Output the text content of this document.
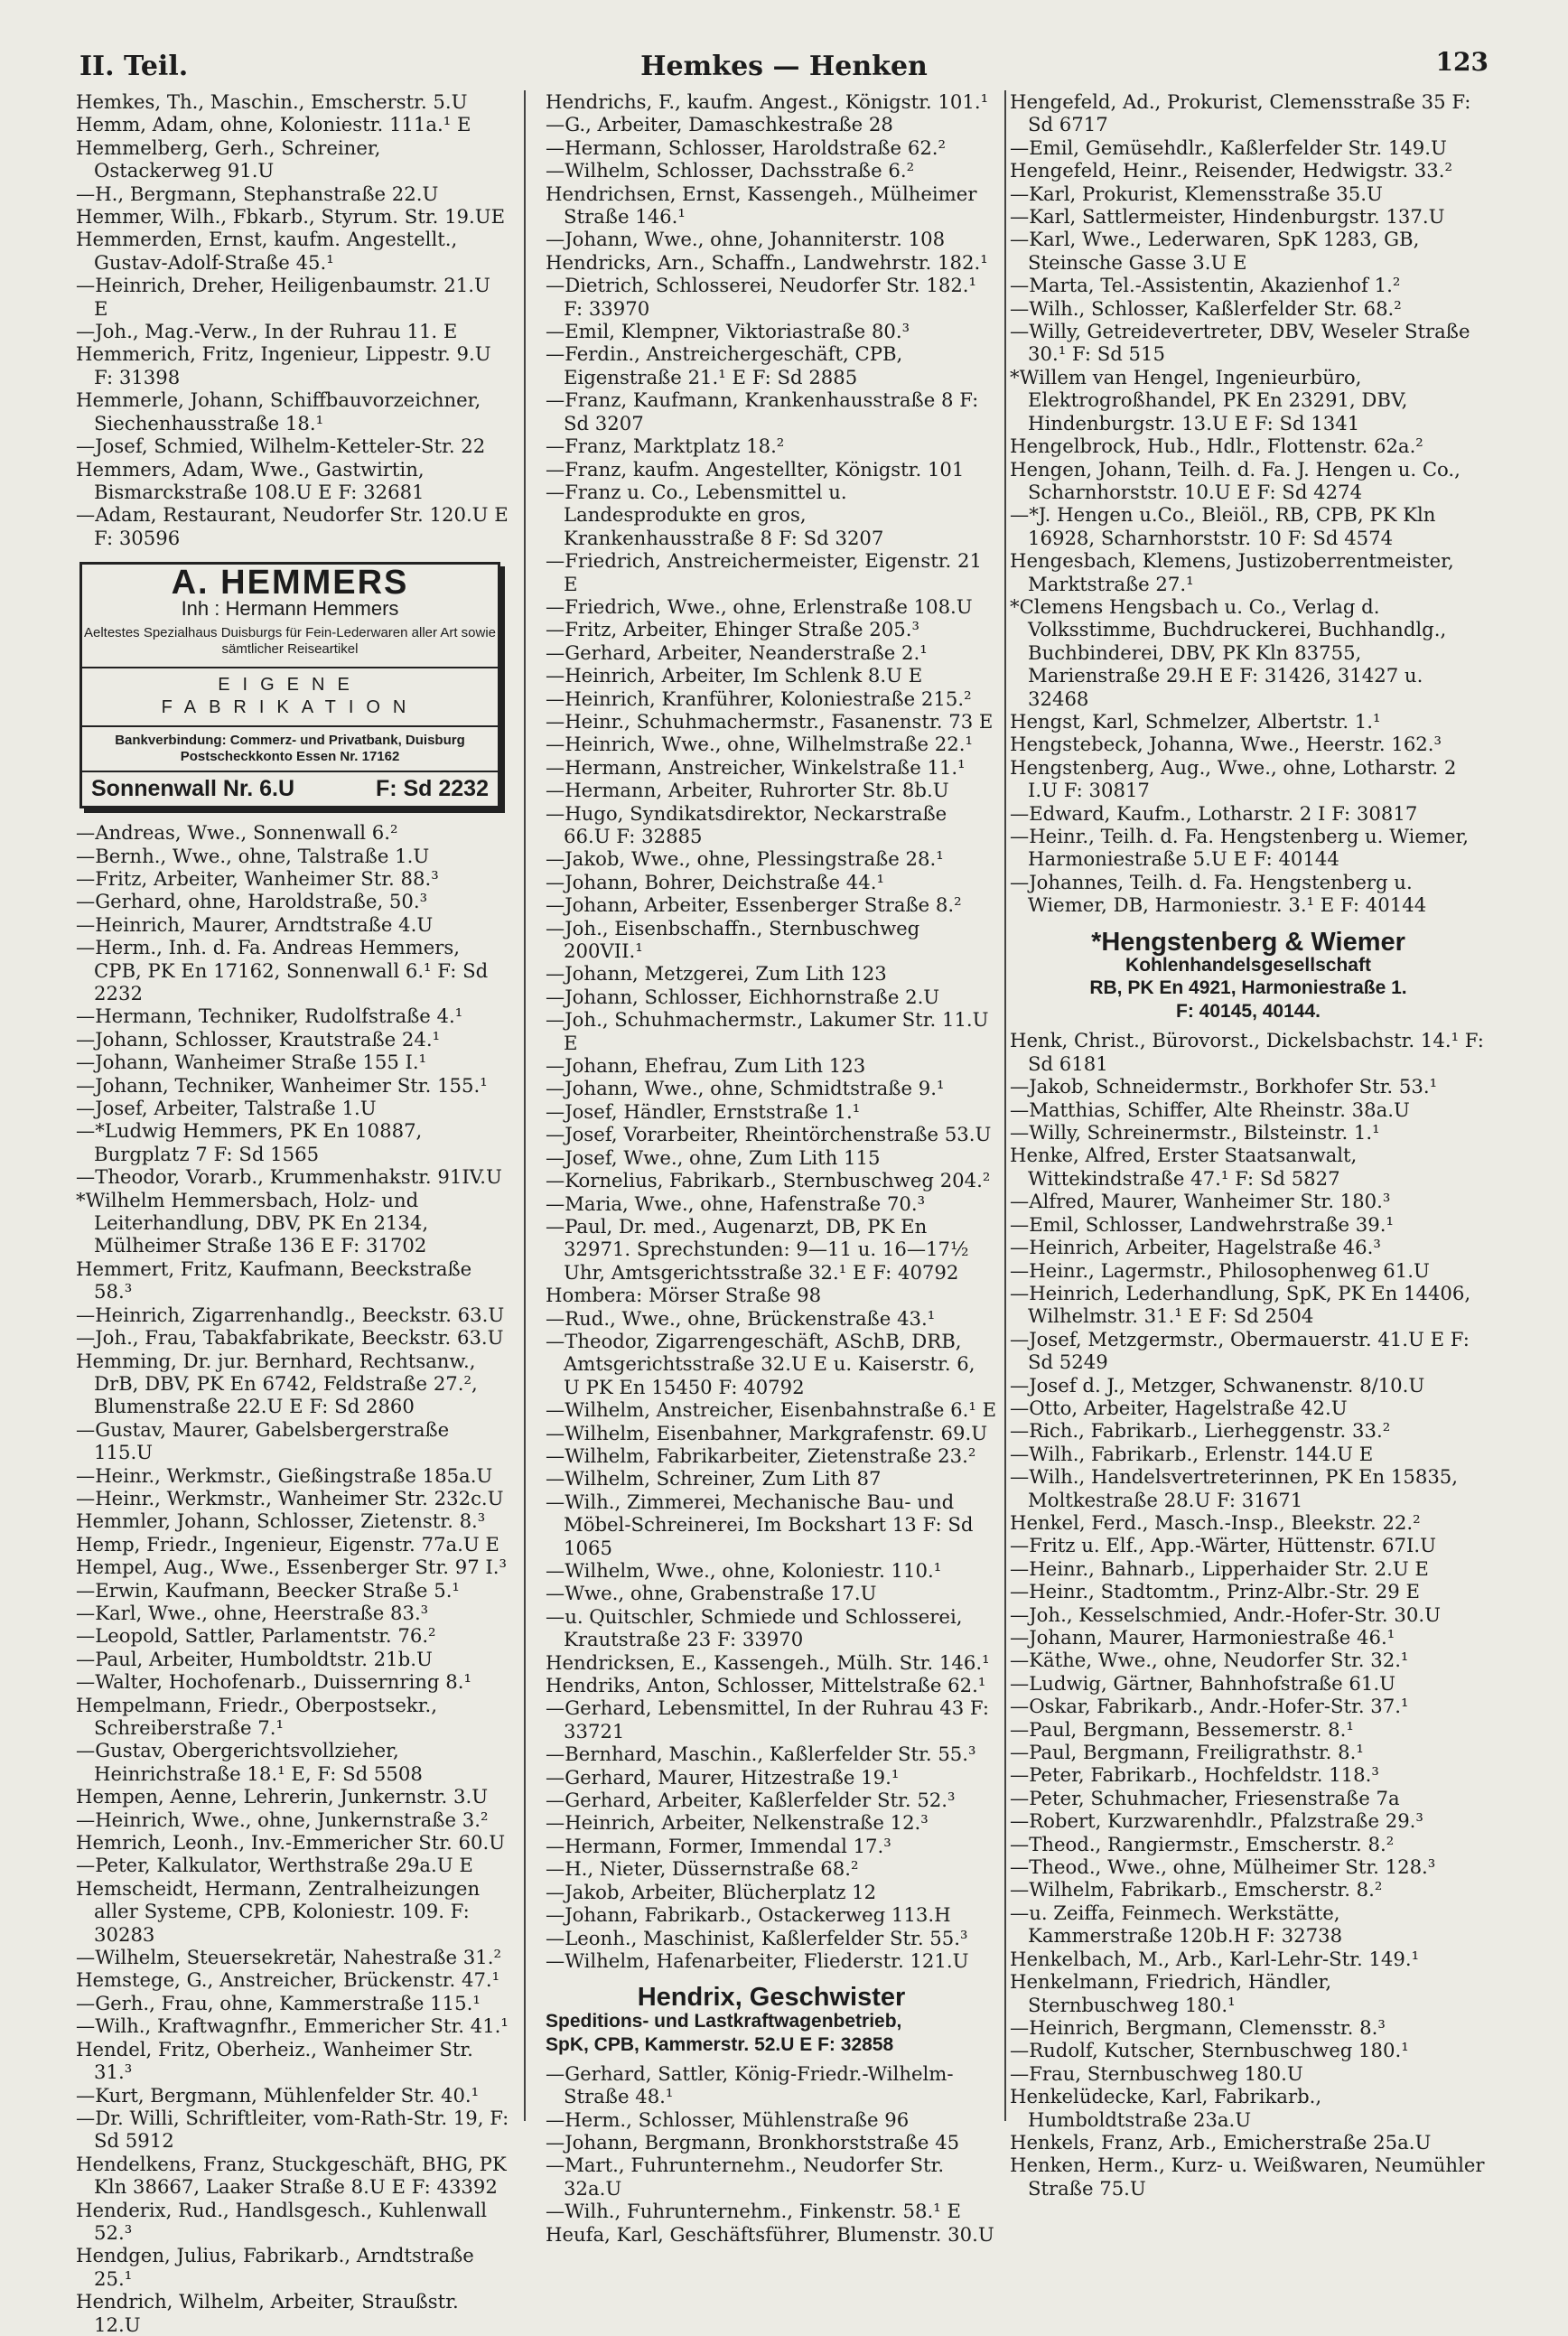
II. Teil.	Hemkes — Henken	123

Hemkes, Th., Maschin., Emscherstr. 5.U

Hemm, Adam, ohne, Koloniestr. 111a.¹ E

Hemmelberg, Gerh., Schreiner, Ostackerweg 91.U

—H., Bergmann, Stephanstraße 22.U

Hemmer, Wilh., Fbkarb., Styrum. Str. 19.UE

Hemmerden, Ernst, kaufm. Angestellt., Gustav-Adolf-Straße 45.¹

—Heinrich, Dreher, Heiligenbaumstr. 21.U E

—Joh., Mag.-Verw., In der Ruhrau 11. E

Hemmerich, Fritz, Ingenieur, Lippestr. 9.U F: 31398

Hemmerle, Johann, Schiffbauvorzeichner, Siechenhausstraße 18.¹

—Josef, Schmied, Wilhelm-Ketteler-Str. 22

Hemmers, Adam, Wwe., Gastwirtin, Bismarckstraße 108.U E F: 32681

—Adam, Restaurant, Neudorfer Str. 120.U E F: 30596

A. HEMMERS
Inh : Hermann Hemmers
Aeltestes Spezialhaus Duisburgs für Fein-Lederwaren aller Art sowie sämtlicher Reiseartikel
EIGENE FABRIKATION
Bankverbindung: Commerz- und Privatbank, Duisburg Postscheckkonto Essen Nr. 17162
Sonnenwall Nr. 6.U	F: Sd 2232

—Andreas, Wwe., Sonnenwall 6.²

—Bernh., Wwe., ohne, Talstraße 1.U

—Fritz, Arbeiter, Wanheimer Str. 88.³

—Gerhard, ohne, Haroldstraße, 50.³

—Heinrich, Maurer, Arndtstraße 4.U

—Herm., Inh. d. Fa. Andreas Hemmers, CPB, PK En 17162, Sonnenwall 6.¹ F: Sd 2232

—Hermann, Techniker, Rudolfstraße 4.¹

—Johann, Schlosser, Krautstraße 24.¹

—Johann, Wanheimer Straße 155 I.¹

—Johann, Techniker, Wanheimer Str. 155.¹

—Josef, Arbeiter, Talstraße 1.U

—*Ludwig Hemmers, PK En 10887, Burgplatz 7 F: Sd 1565

—Theodor, Vorarb., Krummenhakstr. 91IV.U

*Wilhelm Hemmersbach, Holz- und Leiterhandlung, DBV, PK En 2134, Mülheimer Straße 136 E F: 31702

Hemmert, Fritz, Kaufmann, Beeckstraße 58.³

—Heinrich, Zigarrenhandlg., Beeckstr. 63.U

—Joh., Frau, Tabakfabrikate, Beeckstr. 63.U

Hemming, Dr. jur. Bernhard, Rechtsanw., DrB, DBV, PK En 6742, Feldstraße 27.², Blumenstraße 22.U E F: Sd 2860

—Gustav, Maurer, Gabelsbergerstraße 115.U

—Heinr., Werkmstr., Gießingstraße 185a.U

—Heinr., Werkmstr., Wanheimer Str. 232c.U

Hemmler, Johann, Schlosser, Zietenstr. 8.³

Hemp, Friedr., Ingenieur, Eigenstr. 77a.U E

Hempel, Aug., Wwe., Essenberger Str. 97 I.³

—Erwin, Kaufmann, Beecker Straße 5.¹

—Karl, Wwe., ohne, Heerstraße 83.³

—Leopold, Sattler, Parlamentstr. 76.²

—Paul, Arbeiter, Humboldtstr. 21b.U

—Walter, Hochofenarb., Duissernring 8.¹

Hempelmann, Friedr., Oberpostsekr., Schreiberstraße 7.¹

—Gustav, Obergerichtsvollzieher, Heinrichstraße 18.¹ E, F: Sd 5508

Hempen, Aenne, Lehrerin, Junkernstr. 3.U

—Heinrich, Wwe., ohne, Junkernstraße 3.²

Hemrich, Leonh., Inv.-Emmericher Str. 60.U

—Peter, Kalkulator, Werthstraße 29a.U E

Hemscheidt, Hermann, Zentralheizungen aller Systeme, CPB, Koloniestr. 109. F: 30283

—Wilhelm, Steuersekretär, Nahestraße 31.²

Hemstege, G., Anstreicher, Brückenstr. 47.¹

—Gerh., Frau, ohne, Kammerstraße 115.¹

—Wilh., Kraftwagnfhr., Emmericher Str. 41.¹

Hendel, Fritz, Oberheiz., Wanheimer Str. 31.³

—Kurt, Bergmann, Mühlenfelder Str. 40.¹

—Dr. Willi, Schriftleiter, vom-Rath-Str. 19, F: Sd 5912

Hendelkens, Franz, Stuckgeschäft, BHG, PK Kln 38667, Laaker Straße 8.U E F: 43392

Henderix, Rud., Handlsgesch., Kuhlenwall 52.³

Hendgen, Julius, Fabrikarb., Arndtstraße 25.¹

Hendrich, Wilhelm, Arbeiter, Straußstr. 12.U

Hendrichs, F., kaufm. Angest., Königstr. 101.¹

—G., Arbeiter, Damaschkestraße 28

—Hermann, Schlosser, Haroldstraße 62.²

—Wilhelm, Schlosser, Dachsstraße 6.²

Hendrichsen, Ernst, Kassengeh., Mülheimer Straße 146.¹

—Johann, Wwe., ohne, Johanniterstr. 108

Hendricks, Arn., Schaffn., Landwehrstr. 182.¹

—Dietrich, Schlosserei, Neudorfer Str. 182.¹ F: 33970

—Emil, Klempner, Viktoriastraße 80.³

—Ferdin., Anstreichergeschäft, CPB, Eigenstraße 21.¹ E F: Sd 2885

—Franz, Kaufmann, Krankenhausstraße 8 F: Sd 3207

—Franz, Marktplatz 18.²

—Franz, kaufm. Angestellter, Königstr. 101

—Franz u. Co., Lebensmittel u. Landesprodukte en gros, Krankenhausstraße 8 F: Sd 3207

—Friedrich, Anstreichermeister, Eigenstr. 21 E

—Friedrich, Wwe., ohne, Erlenstraße 108.U

—Fritz, Arbeiter, Ehinger Straße 205.³

—Gerhard, Arbeiter, Neanderstraße 2.¹

—Heinrich, Arbeiter, Im Schlenk 8.U E

—Heinrich, Kranführer, Koloniestraße 215.²

—Heinr., Schuhmachermstr., Fasanenstr. 73 E

—Heinrich, Wwe., ohne, Wilhelmstraße 22.¹

—Hermann, Anstreicher, Winkelstraße 11.¹

—Hermann, Arbeiter, Ruhrorter Str. 8b.U

—Hugo, Syndikatsdirektor, Neckarstraße 66.U F: 32885

—Jakob, Wwe., ohne, Plessingstraße 28.¹

—Johann, Bohrer, Deichstraße 44.¹

—Johann, Arbeiter, Essenberger Straße 8.²

—Joh., Eisenbschaffn., Sternbuschweg 200VII.¹

—Johann, Metzgerei, Zum Lith 123

—Johann, Schlosser, Eichhornstraße 2.U

—Joh., Schuhmachermstr., Lakumer Str. 11.U E

—Johann, Ehefrau, Zum Lith 123

—Johann, Wwe., ohne, Schmidtstraße 9.¹

—Josef, Händler, Ernststraße 1.¹

—Josef, Vorarbeiter, Rheintörchenstraße 53.U

—Josef, Wwe., ohne, Zum Lith 115

—Kornelius, Fabrikarb., Sternbuschweg 204.²

—Maria, Wwe., ohne, Hafenstraße 70.³

—Paul, Dr. med., Augenarzt, DB, PK En 32971. Sprechstunden: 9—11 u. 16—17½ Uhr, Amtsgerichtsstraße 32.¹ E F: 40792

Hombera: Mörser Straße 98

—Rud., Wwe., ohne, Brückenstraße 43.¹

—Theodor, Zigarrengeschäft, ASchB, DRB, Amtsgerichtsstraße 32.U E u. Kaiserstr. 6, U PK En 15450 F: 40792

—Wilhelm, Anstreicher, Eisenbahnstraße 6.¹ E

—Wilhelm, Eisenbahner, Markgrafenstr. 69.U

—Wilhelm, Fabrikarbeiter, Zietenstraße 23.²

—Wilhelm, Schreiner, Zum Lith 87

—Wilh., Zimmerei, Mechanische Bau- und Möbel-Schreinerei, Im Bockshart 13 F: Sd 1065

—Wilhelm, Wwe., ohne, Koloniestr. 110.¹

—Wwe., ohne, Grabenstraße 17.U

—u. Quitschler, Schmiede und Schlosserei, Krautstraße 23 F: 33970

Hendricksen, E., Kassengeh., Mülh. Str. 146.¹

Hendriks, Anton, Schlosser, Mittelstraße 62.¹

—Gerhard, Lebensmittel, In der Ruhrau 43 F: 33721

—Bernhard, Maschin., Kaßlerfelder Str. 55.³

—Gerhard, Maurer, Hitzestraße 19.¹

—Gerhard, Arbeiter, Kaßlerfelder Str. 52.³

—Heinrich, Arbeiter, Nelkenstraße 12.³

—Hermann, Former, Immendal 17.³

—H., Nieter, Düssernstraße 68.²

—Jakob, Arbeiter, Blücherplatz 12

—Johann, Fabrikarb., Ostackerweg 113.H

—Leonh., Maschinist, Kaßlerfelder Str. 55.³

—Wilhelm, Hafenarbeiter, Fliederstr. 121.U

Hendrix, Geschwister
Speditions- und Lastkraftwagenbetrieb,
SpK, CPB, Kammerstr. 52.U E F: 32858

—Gerhard, Sattler, König-Friedr.-Wilhelm-Straße 48.¹

—Herm., Schlosser, Mühlenstraße 96

—Johann, Bergmann, Bronkhorststraße 45

—Mart., Fuhrunternehm., Neudorfer Str. 32a.U

—Wilh., Fuhrunternehm., Finkenstr. 58.¹ E

Heufa, Karl, Geschäftsführer, Blumenstr. 30.U

Hengefeld, Ad., Prokurist, Clemensstraße 35 F: Sd 6717

—Emil, Gemüsehdlr., Kaßlerfelder Str. 149.U

Hengefeld, Heinr., Reisender, Hedwigstr. 33.²

—Karl, Prokurist, Klemensstraße 35.U

—Karl, Sattlermeister, Hindenburgstr. 137.U

—Karl, Wwe., Lederwaren, SpK 1283, GB, Steinsche Gasse 3.U E

—Marta, Tel.-Assistentin, Akazienhof 1.²

—Wilh., Schlosser, Kaßlerfelder Str. 68.²

—Willy, Getreidevertreter, DBV, Weseler Straße 30.¹ F: Sd 515

*Willem van Hengel, Ingenieurbüro, Elektrogroßhandel, PK En 23291, DBV, Hindenburgstr. 13.U E F: Sd 1341

Hengelbrock, Hub., Hdlr., Flottenstr. 62a.²

Hengen, Johann, Teilh. d. Fa. J. Hengen u. Co., Scharnhorststr. 10.U E F: Sd 4274

—*J. Hengen u.Co., Bleiöl., RB, CPB, PK Kln 16928, Scharnhorststr. 10 F: Sd 4574

Hengesbach, Klemens, Justizoberrentmeister, Marktstraße 27.¹

*Clemens Hengsbach u. Co., Verlag d. Volksstimme, Buchdruckerei, Buchhandlg., Buchbinderei, DBV, PK Kln 83755, Marienstraße 29.H E F: 31426, 31427 u. 32468

Hengst, Karl, Schmelzer, Albertstr. 1.¹

Hengstebeck, Johanna, Wwe., Heerstr. 162.³

Hengstenberg, Aug., Wwe., ohne, Lotharstr. 2 I.U F: 30817

—Edward, Kaufm., Lotharstr. 2 I F: 30817

—Heinr., Teilh. d. Fa. Hengstenberg u. Wiemer, Harmoniestraße 5.U E F: 40144

—Johannes, Teilh. d. Fa. Hengstenberg u. Wiemer, DB, Harmoniestr. 3.¹ E F: 40144

*Hengstenberg & Wiemer
Kohlenhandelsgesellschaft
RB, PK En 4921, Harmoniestraße 1.
F: 40145, 40144.

Henk, Christ., Bürovorst., Dickelsbachstr. 14.¹ F: Sd 6181

—Jakob, Schneidermstr., Borkhofer Str. 53.¹

—Matthias, Schiffer, Alte Rheinstr. 38a.U

—Willy, Schreinermstr., Bilsteinstr. 1.¹

Henke, Alfred, Erster Staatsanwalt, Wittekindstraße 47.¹ F: Sd 5827

—Alfred, Maurer, Wanheimer Str. 180.³

—Emil, Schlosser, Landwehrstraße 39.¹

—Heinrich, Arbeiter, Hagelstraße 46.³

—Heinr., Lagermstr., Philosophenweg 61.U

—Heinrich, Lederhandlung, SpK, PK En 14406, Wilhelmstr. 31.¹ E F: Sd 2504

—Josef, Metzgermstr., Obermauerstr. 41.U E F: Sd 5249

—Josef d. J., Metzger, Schwanenstr. 8/10.U

—Otto, Arbeiter, Hagelstraße 42.U

—Rich., Fabrikarb., Lierheggenstr. 33.²

—Wilh., Fabrikarb., Erlenstr. 144.U E

—Wilh., Handelsvertreterinnen, PK En 15835, Moltkestraße 28.U F: 31671

Henkel, Ferd., Masch.-Insp., Bleekstr. 22.²

—Fritz u. Elf., App.-Wärter, Hüttenstr. 67I.U

—Heinr., Bahnarb., Lipperhaider Str. 2.U E

—Heinr., Stadtomtm., Prinz-Albr.-Str. 29 E

—Joh., Kesselschmied, Andr.-Hofer-Str. 30.U

—Johann, Maurer, Harmoniestraße 46.¹

—Käthe, Wwe., ohne, Neudorfer Str. 32.¹

—Ludwig, Gärtner, Bahnhofstraße 61.U

—Oskar, Fabrikarb., Andr.-Hofer-Str. 37.¹

—Paul, Bergmann, Bessemerstr. 8.¹

—Paul, Bergmann, Freiligrathstr. 8.¹

—Peter, Fabrikarb., Hochfeldstr. 118.³

—Peter, Schuhmacher, Friesenstraße 7a

—Robert, Kurzwarenhdlr., Pfalzstraße 29.³

—Theod., Rangiermstr., Emscherstr. 8.²

—Theod., Wwe., ohne, Mülheimer Str. 128.³

—Wilhelm, Fabrikarb., Emscherstr. 8.²

—u. Zeiffa, Feinmech. Werkstätte, Kammerstraße 120b.H F: 32738

Henkelbach, M., Arb., Karl-Lehr-Str. 149.¹

Henkelmann, Friedrich, Händler, Sternbuschweg 180.¹

—Heinrich, Bergmann, Clemensstr. 8.³

—Rudolf, Kutscher, Sternbuschweg 180.¹

—Frau, Sternbuschweg 180.U

Henkelüdecke, Karl, Fabrikarb., Humboldtstraße 23a.U

Henkels, Franz, Arb., Emicherstraße 25a.U

Henken, Herm., Kurz- u. Weißwaren, Neumühler Straße 75.U
